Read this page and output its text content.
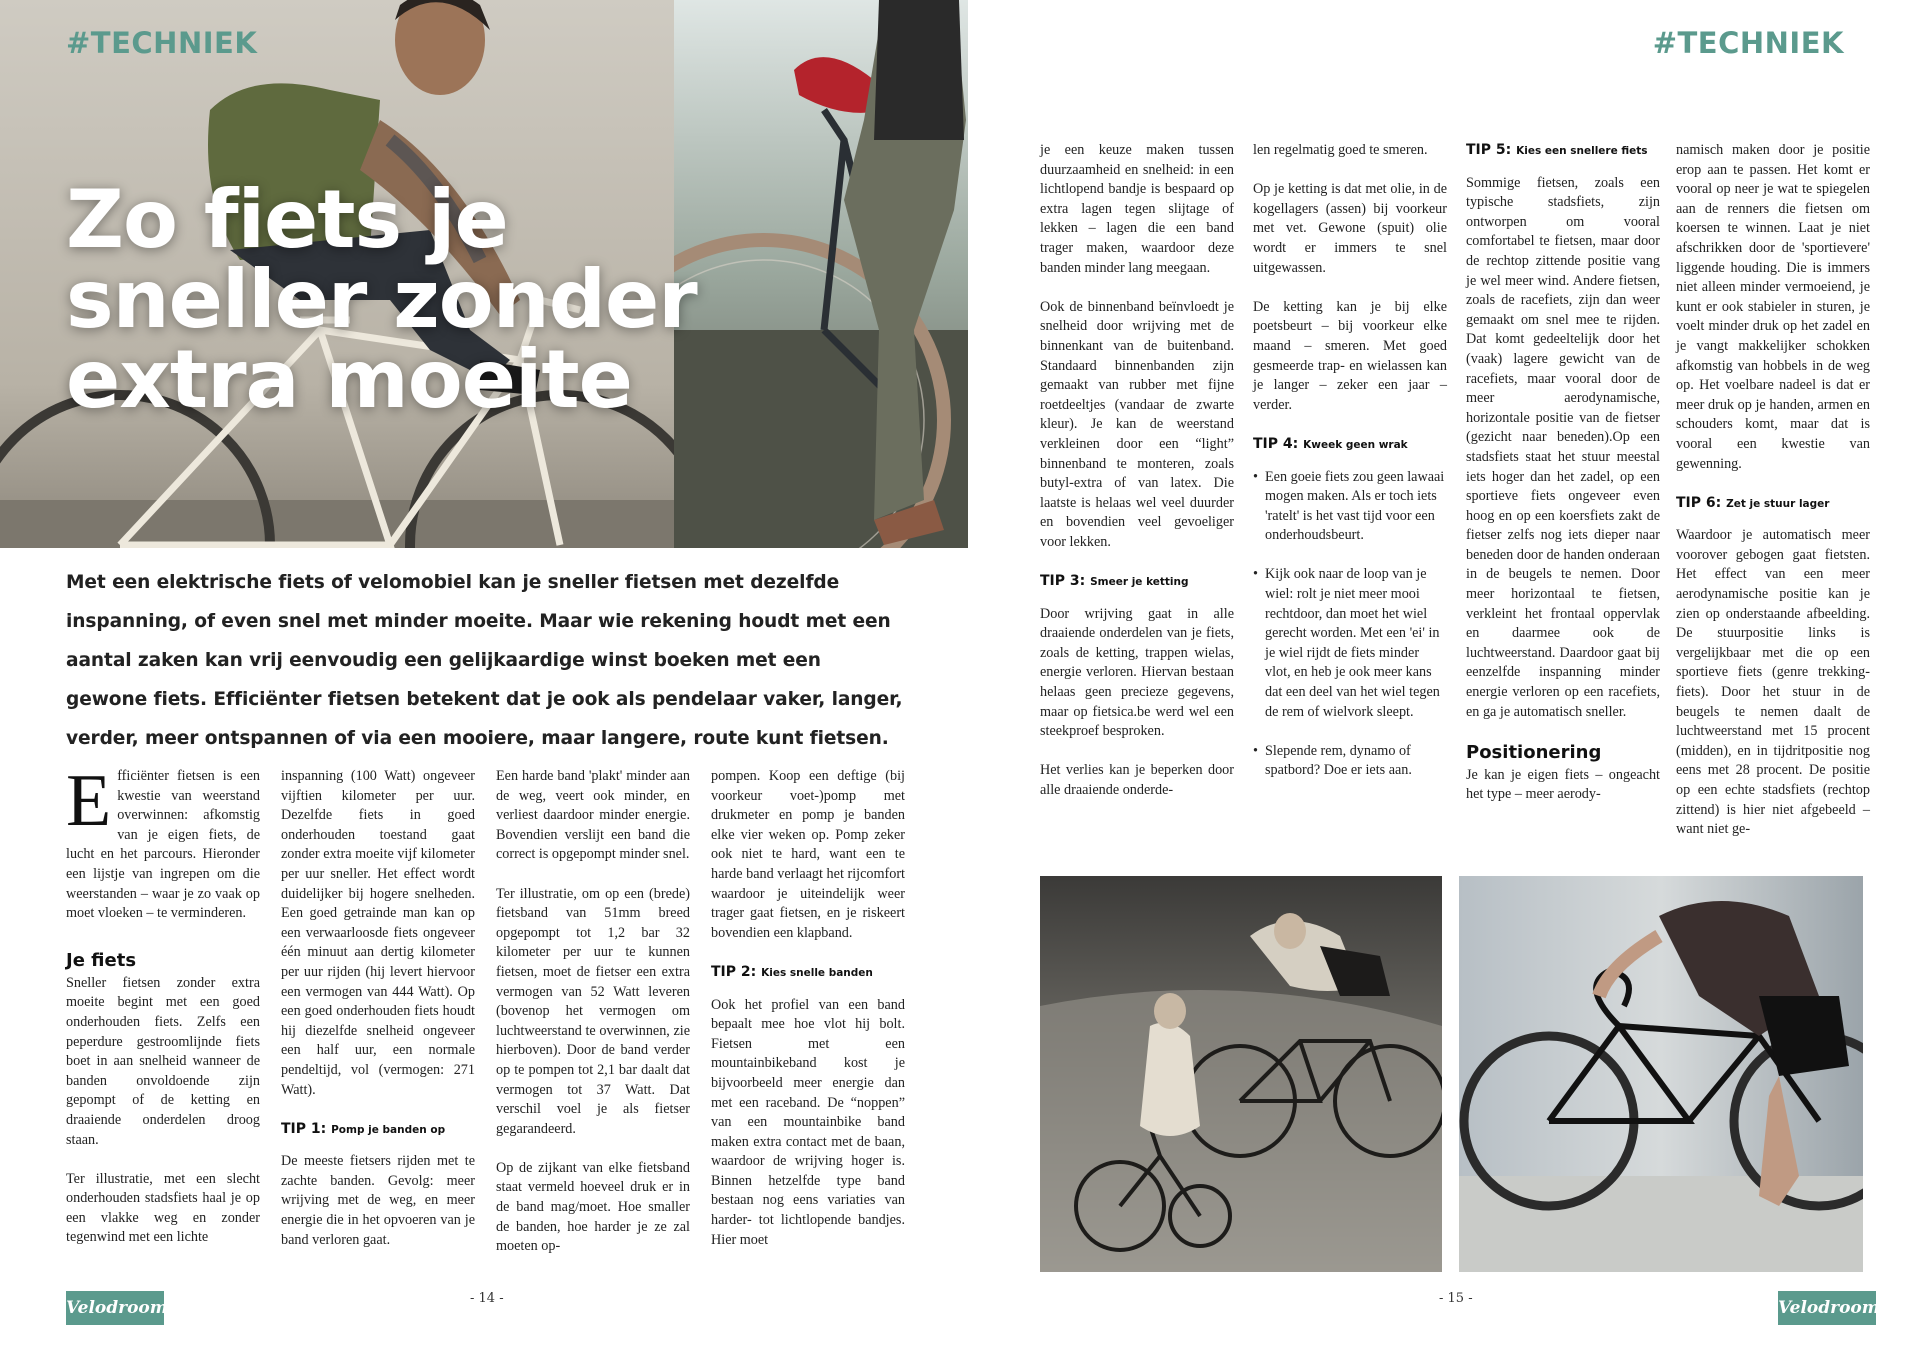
#TECHNIEK
Zo fiets je
sneller zonder
extra moeite
Met een elektrische fiets of velomobiel kan je sneller fietsen met dezelfde inspanning, of even snel met minder moeite. Maar wie rekening houdt met een aantal zaken kan vrij eenvoudig een gelijkaardige winst boeken met een gewone fiets. Efficiënter fietsen betekent dat je ook als pendelaar vaker, langer, verder, meer ontspannen of via een mooiere, maar langere, route kunt fietsen.

Efficiënter fietsen is een kwestie van weerstand overwinnen: afkomstig van je eigen fiets, de lucht en het parcours. Hieronder een lijstje van ingrepen om die weerstanden – waar je zo vaak op moet vloeken – te verminderen.

Je fiets

Sneller fietsen zonder extra moeite begint met een goed onderhouden fiets. Zelfs een peperdure gestroomlijnde fiets boet in aan snelheid wanneer de banden onvoldoende zijn gepompt of de ketting en draaiende onderdelen droog staan.

Ter illustratie, met een slecht onderhouden stadsfiets haal je op een vlakke weg en zonder tegenwind met een lichte

inspanning (100 Watt) ongeveer vijftien kilometer per uur. Dezelfde fiets in goed onderhouden toestand gaat zonder extra moeite vijf kilometer per uur sneller. Het effect wordt duidelijker bij hogere snelheden. Een goed getrainde man kan op een verwaarloosde fiets ongeveer één minuut aan dertig kilometer per uur rijden (hij levert hiervoor een vermogen van 444 Watt). Op een goed onderhouden fiets houdt hij diezelfde snelheid ongeveer een half uur, een normale pendeltijd, vol (vermogen: 271 Watt).

TIP 1: Pomp je banden op

De meeste fietsers rijden met te zachte banden. Gevolg: meer wrijving met de weg, en meer energie die in het opvoeren van je band verloren gaat.

Een harde band 'plakt' minder aan de weg, veert ook minder, en verliest daardoor minder energie. Bovendien verslijt een band die correct is opgepompt minder snel.

Ter illustratie, om op een (brede) fietsband van 51mm breed opgepompt tot 1,2 bar 32 kilometer per uur te kunnen fietsen, moet de fietser een extra vermogen van 52 Watt leveren (bovenop het vermogen om luchtweerstand te overwinnen, zie hierboven). Door de band verder op te pompen tot 2,1 bar daalt dat vermogen tot 37 Watt. Dat verschil voel je als fietser gegarandeerd.

Op de zijkant van elke fietsband staat vermeld hoeveel druk er in de band mag/moet. Hoe smaller de banden, hoe harder je ze zal moeten op-

pompen. Koop een deftige (bij voorkeur voet-)pomp met drukmeter en pomp je banden elke vier weken op. Pomp zeker ook niet te hard, want een te harde band verlaagt het rijcomfort waardoor je uiteindelijk weer trager gaat fietsen, en je riskeert bovendien een klapband.

TIP 2: Kies snelle banden

Ook het profiel van een band bepaalt mee hoe vlot hij bolt. Fietsen met een mountainbikeband kost je bijvoorbeeld meer energie dan met een raceband. De “noppen” van een mountainbike band maken extra contact met de baan, waardoor de wrijving hoger is. Binnen hetzelfde type band bestaan nog eens variaties van harder- tot lichtlopende bandjes. Hier moet

Velodroom	- 14 -
#TECHNIEK

je een keuze maken tussen duurzaamheid en snelheid: in een lichtlopend bandje is bespaard op extra lagen tegen slijtage of lekken – lagen die een band trager maken, waardoor deze banden minder lang meegaan.

Ook de binnenband beïnvloedt je snelheid door wrijving met de binnenkant van de buitenband. Standaard binnenbanden zijn gemaakt van rubber met fijne roetdeeltjes (vandaar de zwarte kleur). Je kan de weerstand verkleinen door een “light” binnenband te monteren, zoals butyl-extra of van latex. Die laatste is helaas wel veel duurder en bovendien veel gevoeliger voor lekken.

TIP 3: Smeer je ketting

Door wrijving gaat in alle draaiende onderdelen van je fiets, zoals de ketting, trappen wielas, energie verloren. Hiervan bestaan helaas geen precieze gegevens, maar op fietsica.be werd wel een steekproef besproken.

Het verlies kan je beperken door alle draaiende onderde-

len regelmatig goed te smeren.

Op je ketting is dat met olie, in de kogellagers (assen) bij voorkeur met vet. Gewone (spuit) olie wordt er immers te snel uitgewassen.

De ketting kan je bij elke poetsbeurt – bij voorkeur elke maand – smeren. Met goed gesmeerde trap- en wielassen kan je langer – zeker een jaar – verder.

TIP 4: Kweek geen wrak
• Een goeie fiets zou geen lawaai mogen maken. Als er toch iets 'ratelt' is het vast tijd voor een onderhoudsbeurt.
• Kijk ook naar de loop van je wiel: rolt je niet meer mooi rechtdoor, dan moet het wiel gerecht worden. Met een 'ei' in je wiel rijdt de fiets minder vlot, en heb je ook meer kans dat een deel van het wiel tegen de rem of wielvork sleept.
• Slepende rem, dynamo of spatbord? Doe er iets aan.
TIP 5: Kies een snellere fiets

Sommige fietsen, zoals een typische stadsfiets, zijn ontworpen om vooral comfortabel te fietsen, maar door de rechtop zittende positie vang je wel meer wind. Andere fietsen, zoals de racefiets, zijn dan weer gemaakt om snel mee te rijden. Dat komt gedeeltelijk door het (vaak) lagere gewicht van de racefiets, maar vooral door de meer aerodynamische, horizontale positie van de fietser (gezicht naar beneden).Op een stadsfiets staat het stuur meestal iets hoger dan het zadel, op een sportieve fiets ongeveer even hoog en op een koersfiets zakt de fietser zelfs nog iets dieper naar beneden door de handen onderaan in de beugels te nemen. Door meer horizontaal te fietsen, verkleint het frontaal oppervlak en daarmee ook de luchtweerstand. Daardoor gaat bij eenzelfde inspanning minder energie verloren op een racefiets, en ga je automatisch sneller.

Positionering

Je kan je eigen fiets – ongeacht het type – meer aerody-

namisch maken door je positie erop aan te passen. Het komt er vooral op neer je wat te spiegelen aan de renners die fietsen om koersen te winnen. Laat je niet afschrikken door de 'sportievere' liggende houding. Die is immers niet alleen minder vermoeiend, je kunt er ook stabieler in sturen, je voelt minder druk op het zadel en je vangt makkelijker schokken afkomstig van hobbels in de weg op. Het voelbare nadeel is dat er meer druk op je handen, armen en schouders komt, maar dat is vooral een kwestie van gewenning.

TIP 6: Zet je stuur lager

Waardoor je automatisch meer voorover gebogen gaat fietsten. Het effect van een meer aerodynamische positie kan je zien op onderstaande afbeelding. De stuurpositie links is vergelijkbaar met die op een sportieve fiets (genre trekking-fiets). Door het stuur in de beugels te nemen daalt de luchtweerstand met 15 procent (midden), en in tijdritpositie nog eens met 28 procent. De positie op een echte stadsfiets (rechtop zittend) is hier niet afgebeeld – want niet ge-

- 15 -	Velodroom
